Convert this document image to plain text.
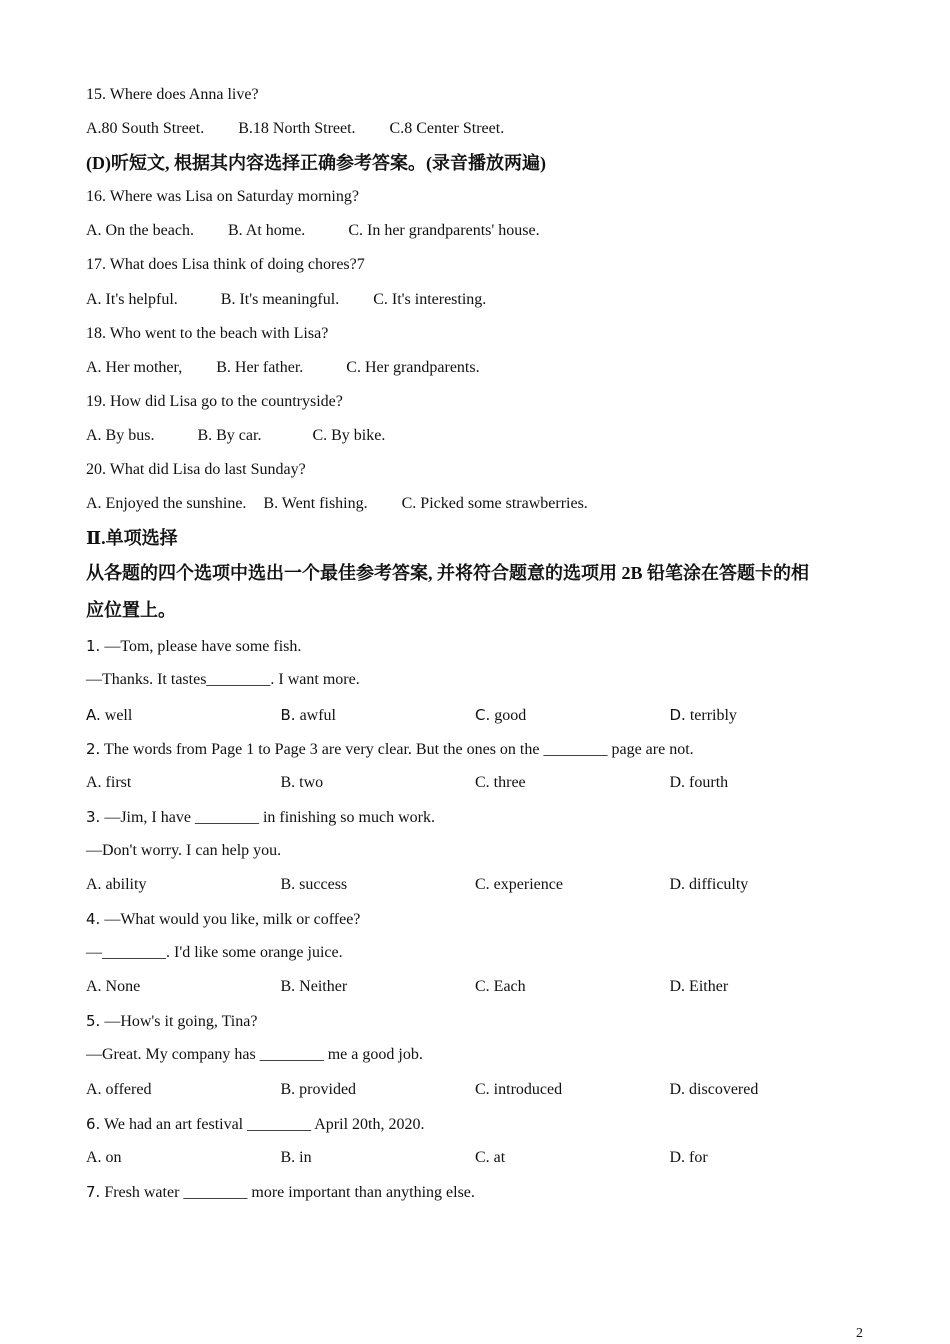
15. Where does Anna live?
A.80 South Street. B.18 North Street. C.8 Center Street.
(D)听短文, 根据其内容选择正确参考答案。(录音播放两遍)
16. Where was Lisa on Saturday morning?
A. On the beach. B. At home.	C. In her grandparents' house.
17. What does Lisa think of doing chores?7
A. It's helpful.	B. It's meaningful. C. It's interesting.
18. Who went to the beach with Lisa?
A. Her mother, B. Her father.	C. Her grandparents.
19. How did Lisa go to the countryside?
A. By bus.	B. By car.	C. By bike.
20. What did Lisa do last Sunday?
A. Enjoyed the sunshine. B. Went fishing. C. Picked some strawberries.
Ⅱ.单项选择
从各题的四个选项中选出一个最佳参考答案, 并将符合题意的选项用 2B 铅笔涂在答题卡的相
应位置上。
1. —Tom, please have some fish.
—Thanks. It tastes________. I want more.
A. well	B. awful	C. good	D. terribly
2. The words from Page 1 to Page 3 are very clear. But the ones on the ________ page are not.
A. first	B. two	C. three	D. fourth
3. —Jim, I have ________ in finishing so much work.
—Don't worry. I can help you.
A. ability	B. success	C. experience	D. difficulty
4. —What would you like, milk or coffee?
—________. I'd like some orange juice.
A. None	B. Neither	C. Each	D. Either
5. —How's it going, Tina?
—Great. My company has ________ me a good job.
A. offered	B. provided	C. introduced	D. discovered
6. We had an art festival ________ April 20th, 2020.
A. on	B. in	C. at	D. for
7. Fresh water ________ more important than anything else.
2
